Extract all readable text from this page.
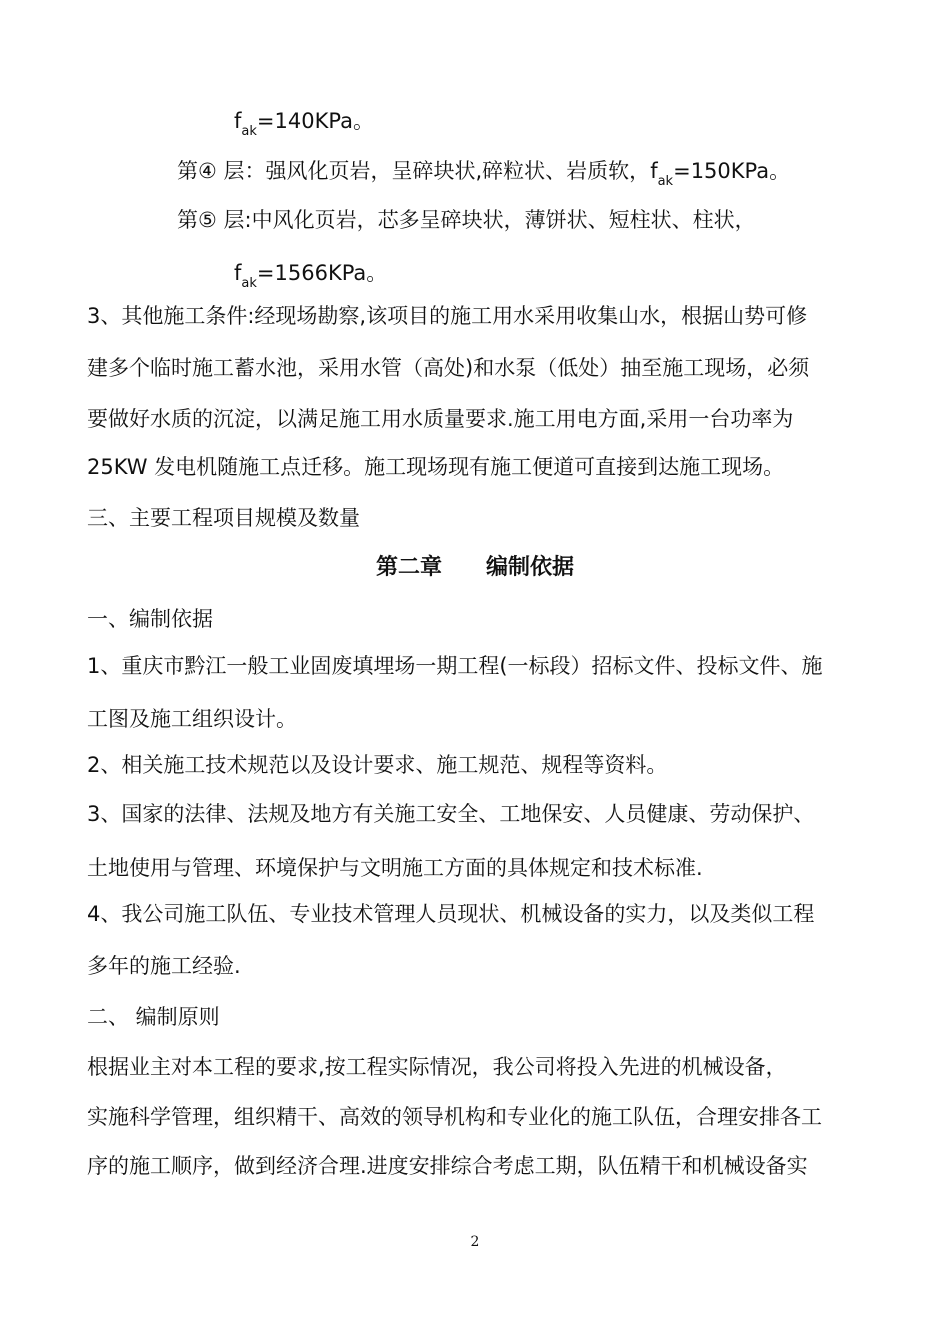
$f_{ak}=140KPa$。
第④ 层：强风化页岩，呈碎块状,碎粒状、岩质软，$f_{ak}=150KPa$。
第⑤ 层:中风化页岩，芯多呈碎块状，薄饼状、短柱状、柱状，
$f_{ak}=1566KPa$。
3、其他施工条件:经现场勘察,该项目的施工用水采用收集山水，根据山势可修
建多个临时施工蓄水池，采用水管（高处)和水泵（低处）抽至施工现场，必须
要做好水质的沉淀，以满足施工用水质量要求.施工用电方面,采用一台功率为
25KW 发电机随施工点迁移。施工现场现有施工便道可直接到达施工现场。
三、主要工程项目规模及数量
第二章 编制依据
一、编制依据
1、重庆市黔江一般工业固废填埋场一期工程(一标段）招标文件、投标文件、施
工图及施工组织设计。
2、相关施工技术规范以及设计要求、施工规范、规程等资料。
3、国家的法律、法规及地方有关施工安全、工地保安、人员健康、劳动保护、
土地使用与管理、环境保护与文明施工方面的具体规定和技术标准.
4、我公司施工队伍、专业技术管理人员现状、机械设备的实力，以及类似工程
多年的施工经验.
二、 编制原则
根据业主对本工程的要求,按工程实际情况，我公司将投入先进的机械设备，
实施科学管理，组织精干、高效的领导机构和专业化的施工队伍，合理安排各工
序的施工顺序，做到经济合理.进度安排综合考虑工期，队伍精干和机械设备实
2
